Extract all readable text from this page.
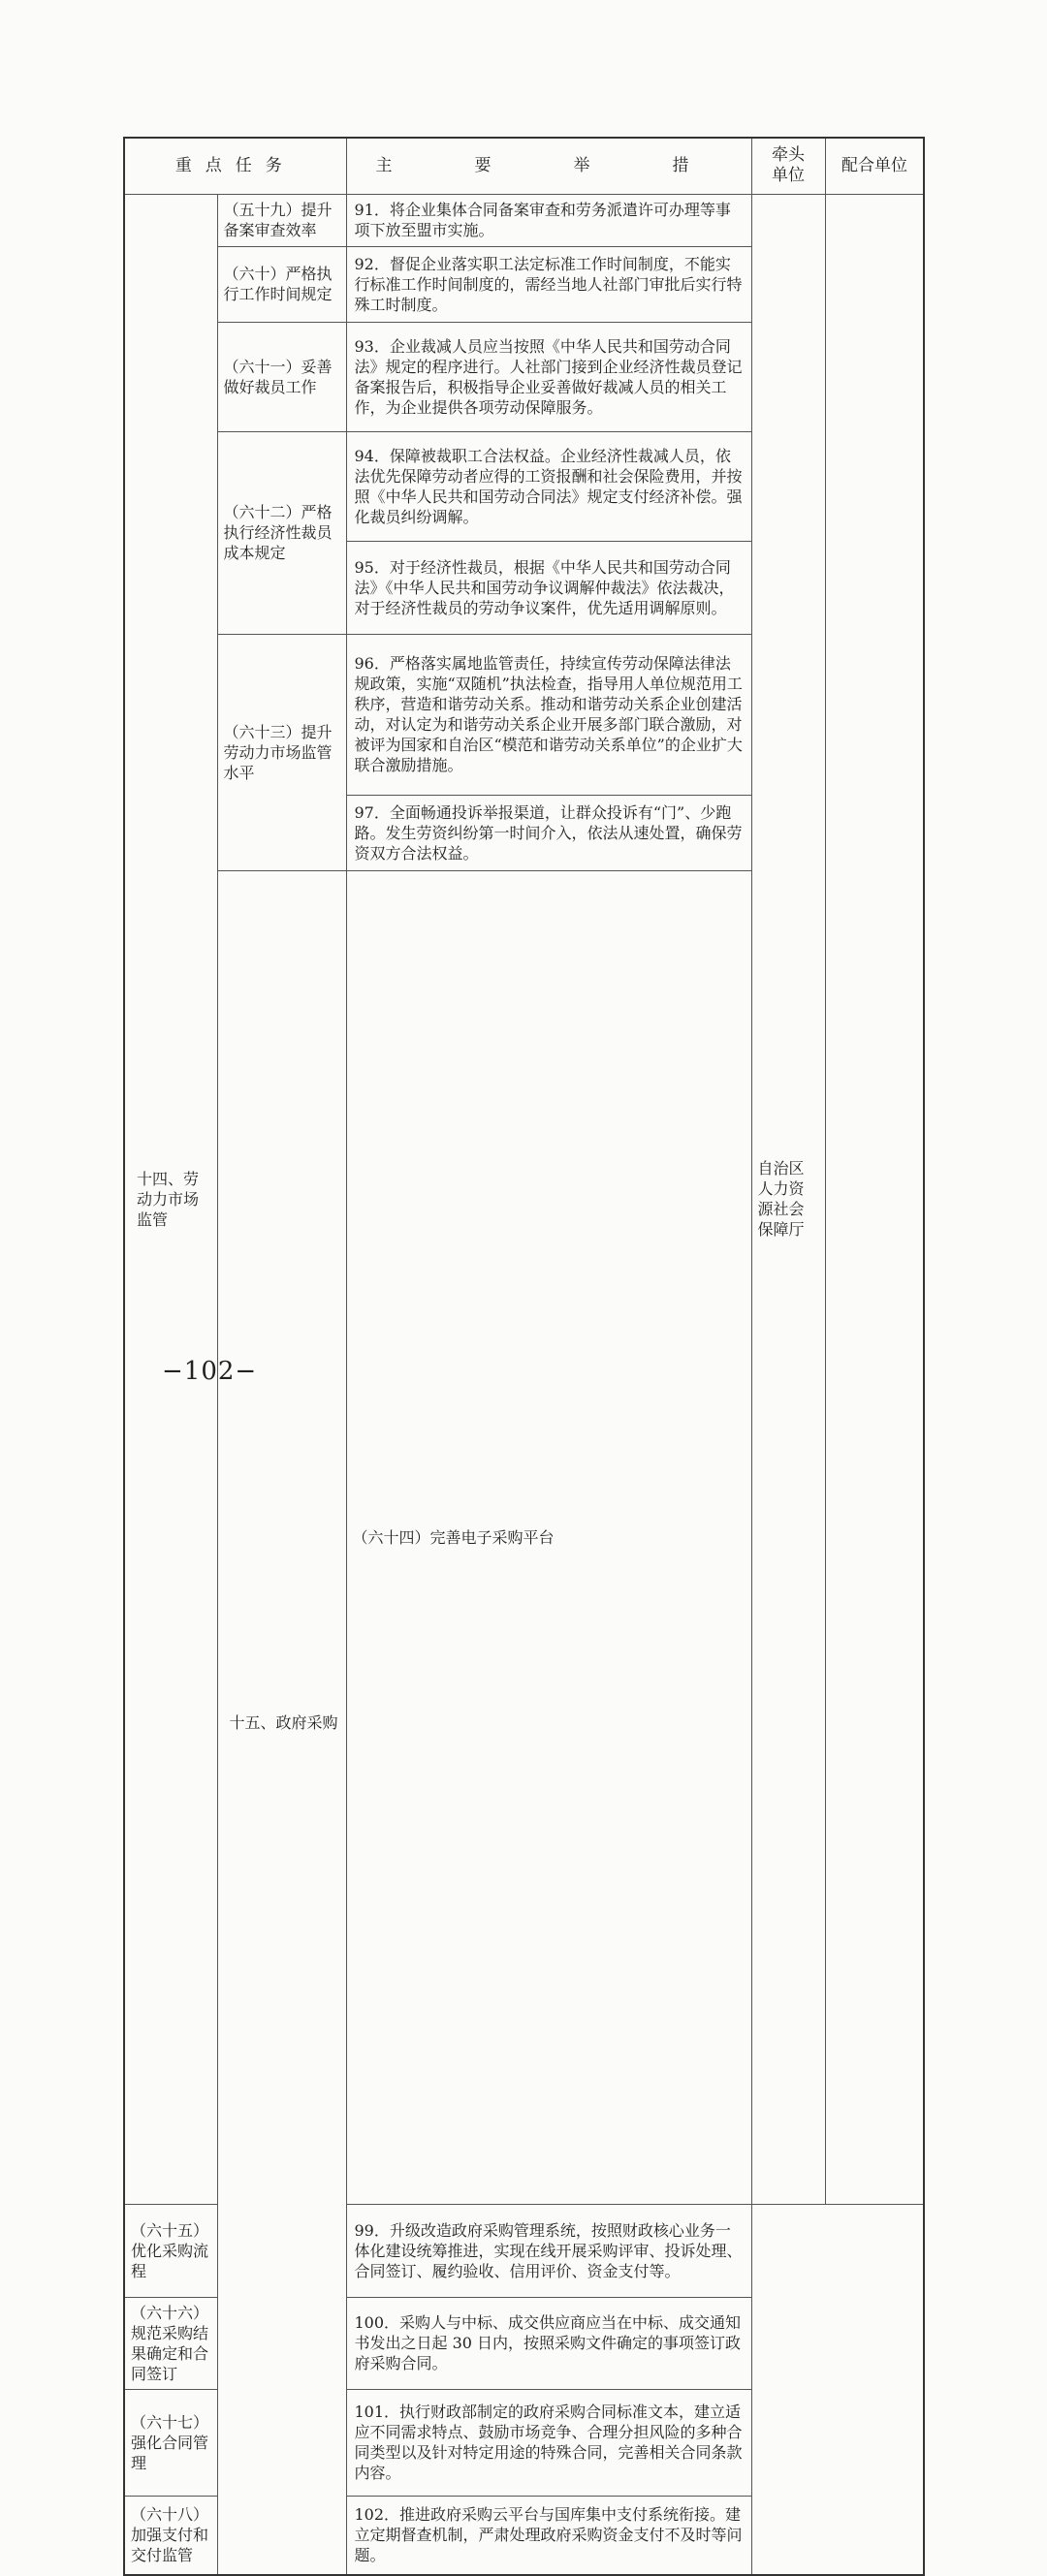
重点任务		主　要　举　措	牵头单位	配合单位	
十四、劳动力市场监管	（五十九）提升备案审查效率	91．将企业集体合同备案审查和劳务派遣许可办理等事项下放至盟市实施。	自治区人力资源社会保障厅		
	（六十）严格执行工作时间规定	92．督促企业落实职工法定标准工作时间制度，不能实行标准工作时间制度的，需经当地人社部门审批后实行特殊工时制度。			
	（六十一）妥善做好裁员工作	93．企业裁减人员应当按照《中华人民共和国劳动合同法》规定的程序进行。人社部门接到企业经济性裁员登记备案报告后，积极指导企业妥善做好裁减人员的相关工作，为企业提供各项劳动保障服务。			
	（六十二）严格执行经济性裁员成本规定	94．保障被裁职工合法权益。企业经济性裁减人员，依法优先保障劳动者应得的工资报酬和社会保险费用，并按照《中华人民共和国劳动合同法》规定支付经济补偿。强化裁员纠纷调解。			
		95．对于经济性裁员，根据《中华人民共和国劳动合同法》《中华人民共和国劳动争议调解仲裁法》依法裁决，对于经济性裁员的劳动争议案件，优先适用调解原则。			
	（六十三）提升劳动力市场监管水平	96．严格落实属地监管责任，持续宣传劳动保障法律法规政策，实施“双随机”执法检查，指导用人单位规范用工秩序，营造和谐劳动关系。推动和谐劳动关系企业创建活动，对认定为和谐劳动关系企业开展多部门联合激励，对被评为国家和自治区“模范和谐劳动关系单位”的企业扩大联合激励措施。			
		97．全面畅通投诉举报渠道，让群众投诉有“门”、少跑路。发生劳资纠纷第一时间介入，依法从速处置，确保劳资双方合法权益。			
	十五、政府采购	（六十四）完善电子采购平台			
（六十五）优化采购流程		99．升级改造政府采购管理系统，按照财政核心业务一体化建设统筹推进，实现在线开展采购评审、投诉处理、合同签订、履约验收、信用评价、资金支付等。			
（六十六）规范采购结果确定和合同签订		100．采购人与中标、成交供应商应当在中标、成交通知书发出之日起 30 日内，按照采购文件确定的事项签订政府采购合同。			
（六十七）强化合同管理		101．执行财政部制定的政府采购合同标准文本，建立适应不同需求特点、鼓励市场竞争、合理分担风险的多种合同类型以及针对特定用途的特殊合同，完善相关合同条款内容。			
（六十八）加强支付和交付监管		102．推进政府采购云平台与国库集中支付系统衔接。建立定期督查机制，严肃处理政府采购资金支付不及时等问题。			
−102−
